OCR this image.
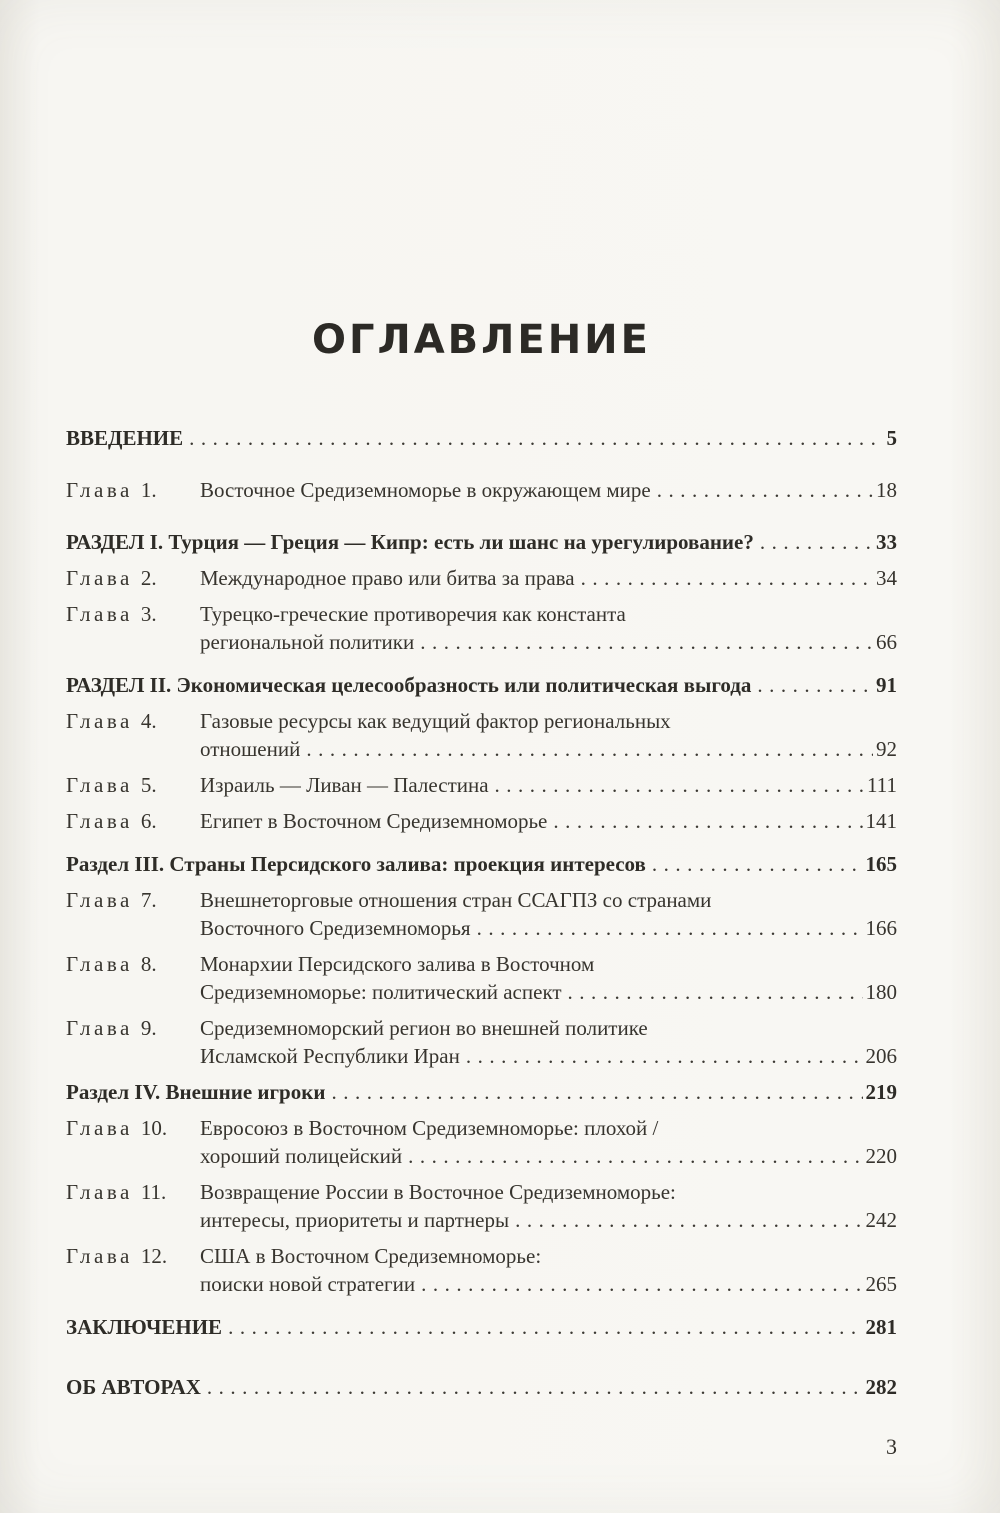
ОГЛАВЛЕНИЕ
ВВЕДЕНИЕ .....	5
Глава 1. Восточное Средиземноморье в окружающем мире .....	18
РАЗДЕЛ I. Турция — Греция — Кипр: есть ли шанс на урегулирование? .....	33
Глава 2. Международное право или битва за права .....	34
Глава 3. Турецко-греческие противоречия как константа
региональной политики .....	66
РАЗДЕЛ II. Экономическая целесообразность или политическая выгода .....	91
Глава 4. Газовые ресурсы как ведущий фактор региональных
отношений .....	92
Глава 5. Израиль — Ливан — Палестина .....	111
Глава 6. Египет в Восточном Средиземноморье .....	141
Раздел III. Страны Персидского залива: проекция интересов .....	165
Глава 7. Внешнеторговые отношения стран ССАГПЗ со странами
Восточного Средиземноморья .....	166
Глава 8. Монархии Персидского залива в Восточном
Средиземноморье: политический аспект .....	180
Глава 9. Средиземноморский регион во внешней политике
Исламской Республики Иран .....	206
Раздел IV. Внешние игроки .....	219
Глава 10. Евросоюз в Восточном Средиземноморье: плохой /
хороший полицейский .....	220
Глава 11. Возвращение России в Восточное Средиземноморье:
интересы, приоритеты и партнеры .....	242
Глава 12. США в Восточном Средиземноморье:
поиски новой стратегии .....	265
ЗАКЛЮЧЕНИЕ .....	281
ОБ АВТОРАХ .....	282
3
